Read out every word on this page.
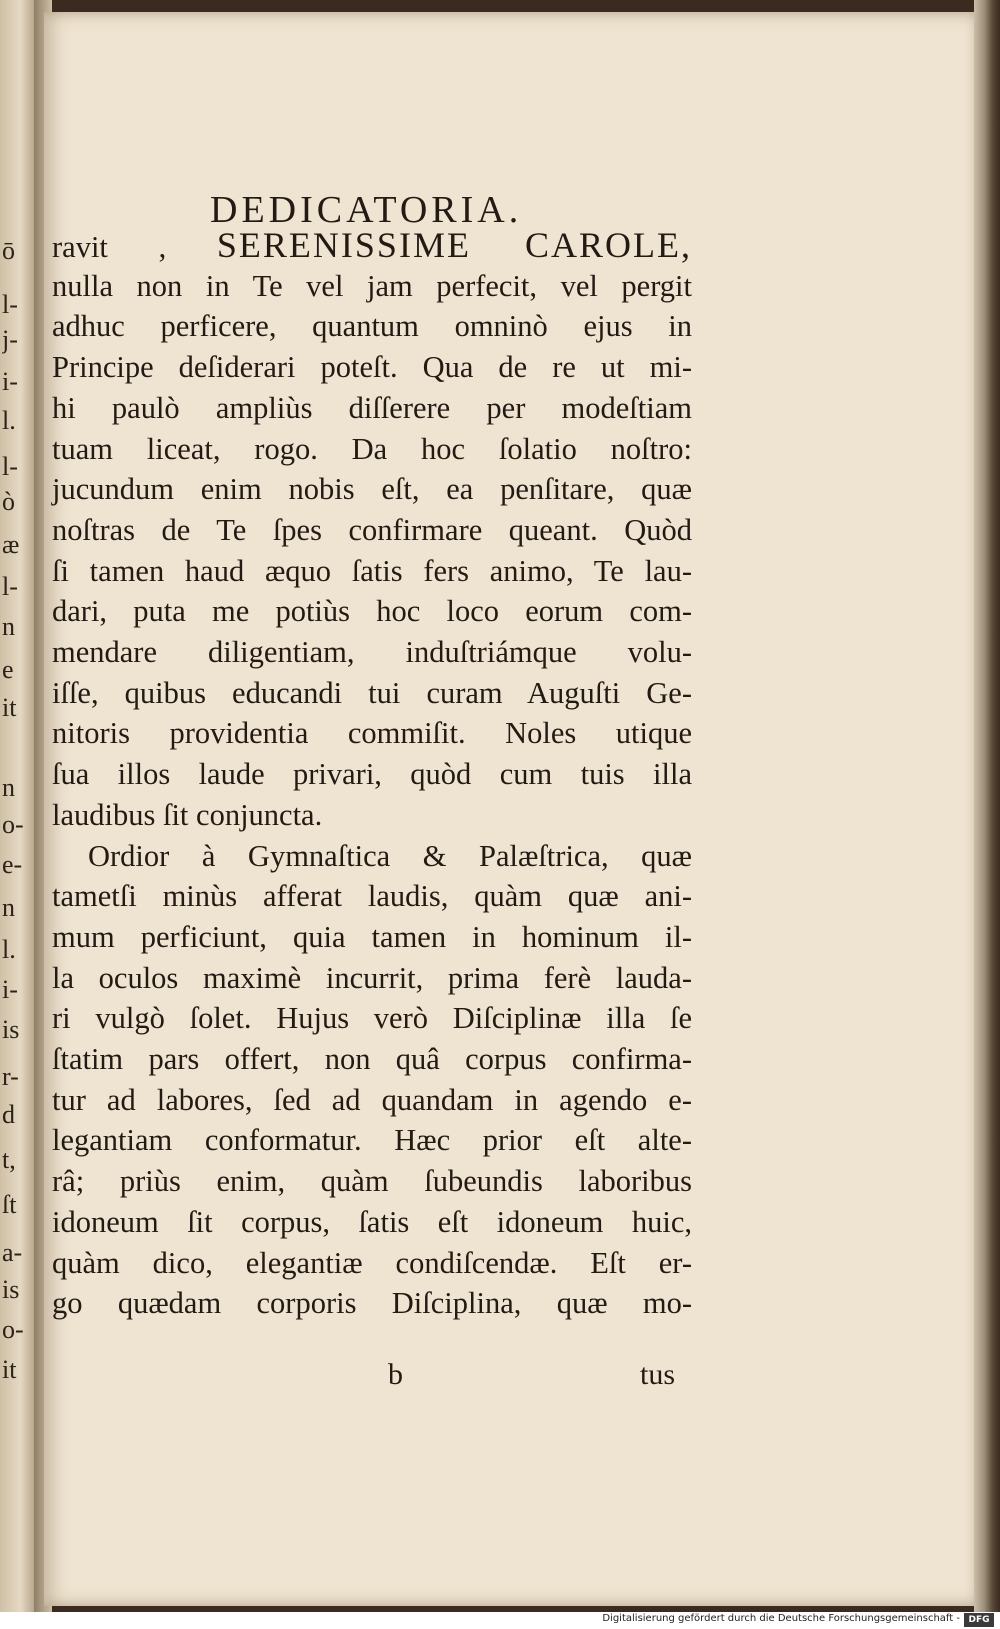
ō
l-
j-
i-
l.
l-
ò
æ
l-
n
e
it
n
o-
e-
n
l.
i-
is
r-
d
t,
ſt
a-
is
o-
it
DEDICATORIA.
ravit , SERENISSIME CAROLE,
nulla non in Te vel jam perfecit, vel pergit
adhuc perficere, quantum omninò ejus in
Principe deſiderari poteſt. Qua de re ut mi-
hi paulò ampliùs diſſerere per modeſtiam
tuam liceat, rogo. Da hoc ſolatio noſtro:
jucundum enim nobis eſt, ea penſitare, quæ
noſtras de Te ſpes confirmare queant. Quòd
ſi tamen haud æquo ſatis fers animo, Te lau-
dari, puta me potiùs hoc loco eorum com-
mendare diligentiam, induſtriámque volu-
iſſe, quibus educandi tui curam Auguſti Ge-
nitoris providentia commiſit. Noles utique
ſua illos laude privari, quòd cum tuis illa
laudibus ſit conjuncta.
Ordior à Gymnaſtica & Palæſtrica, quæ
tametſi minùs afferat laudis, quàm quæ ani-
mum perficiunt, quia tamen in hominum il-
la oculos maximè incurrit, prima ferè lauda-
ri vulgò ſolet. Hujus verò Diſciplinæ illa ſe
ſtatim pars offert, non quâ corpus confirma-
tur ad labores, ſed ad quandam in agendo e-
legantiam conformatur. Hæc prior eſt alte-
râ; priùs enim, quàm ſubeundis laboribus
idoneum ſit corpus, ſatis eſt idoneum huic,
quàm dico, elegantiæ condiſcendæ. Eſt er-
go quædam corporis Diſciplina, quæ mo-
b	tus
Digitalisierung gefördert durch die Deutsche Forschungsgemeinschaft - DFG
